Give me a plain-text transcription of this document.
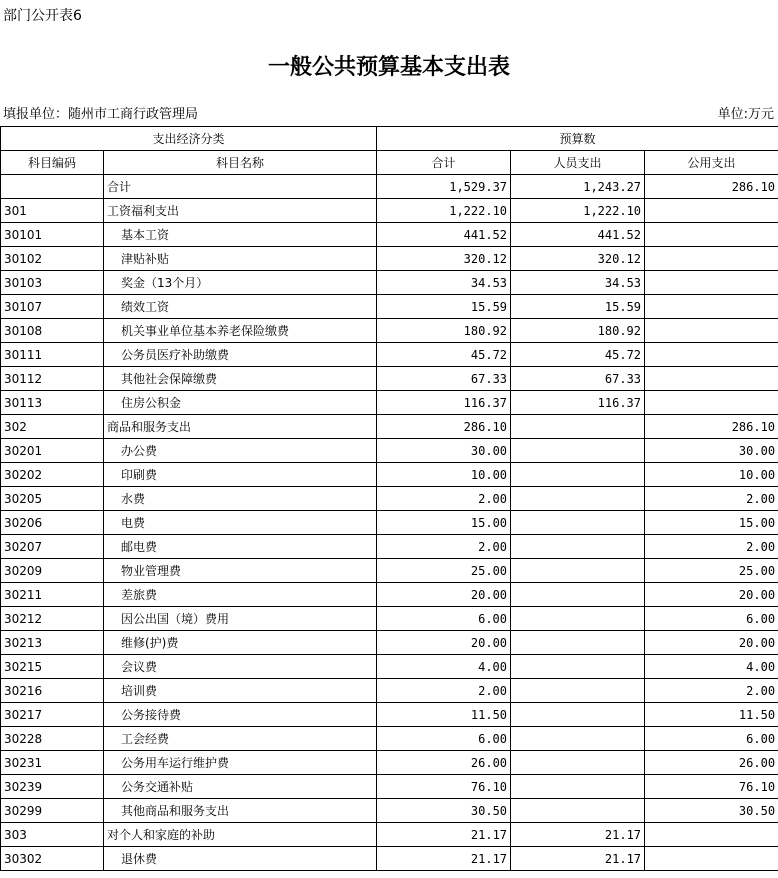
部门公开表6
一般公共预算基本支出表
填报单位：随州市工商行政管理局	单位:万元
支出经济分类		预算数		
科目编码	科目名称	合计	人员支出	公用支出
	合计	1,529.37	1,243.27	286.10
301	工资福利支出	1,222.10	1,222.10	
30101	基本工资	441.52	441.52	
30102	津贴补贴	320.12	320.12	
30103	奖金（13个月）	34.53	34.53	
30107	绩效工资	15.59	15.59	
30108	机关事业单位基本养老保险缴费	180.92	180.92	
30111	公务员医疗补助缴费	45.72	45.72	
30112	其他社会保障缴费	67.33	67.33	
30113	住房公积金	116.37	116.37	
302	商品和服务支出	286.10		286.10
30201	办公费	30.00		30.00
30202	印刷费	10.00		10.00
30205	水费	2.00		2.00
30206	电费	15.00		15.00
30207	邮电费	2.00		2.00
30209	物业管理费	25.00		25.00
30211	差旅费	20.00		20.00
30212	因公出国（境）费用	6.00		6.00
30213	维修(护)费	20.00		20.00
30215	会议费	4.00		4.00
30216	培训费	2.00		2.00
30217	公务接待费	11.50		11.50
30228	工会经费	6.00		6.00
30231	公务用车运行维护费	26.00		26.00
30239	公务交通补贴	76.10		76.10
30299	其他商品和服务支出	30.50		30.50
303	对个人和家庭的补助	21.17	21.17	
30302	退休费	21.17	21.17	
